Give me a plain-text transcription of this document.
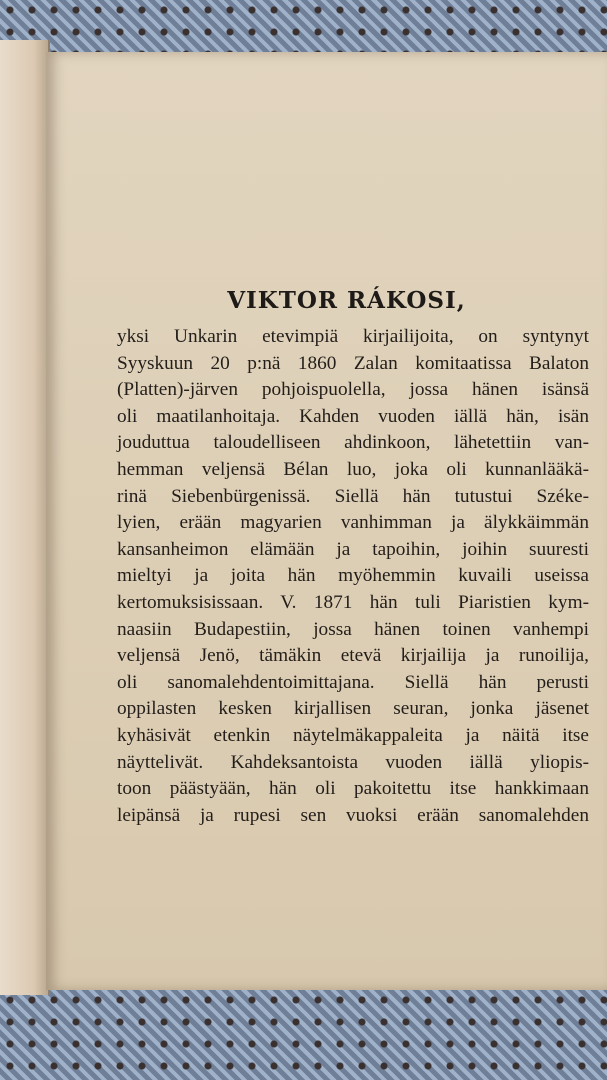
VIKTOR RÁKOSI,
yksi Unkarin etevimpiä kirjailijoita, on syntynyt
Syyskuun 20 p:nä 1860 Zalan komitaatissa Balaton
(Platten)-järven pohjoispuolella, jossa hänen isänsä
oli maatilanhoitaja. Kahden vuoden iällä hän, isän
jouduttua taloudelliseen ahdinkoon, lähetettiin van-
hemman veljensä Bélan luo, joka oli kunnanlääkä-
rinä Siebenbürgenissä. Siellä hän tutustui Széke-
lyien, erään magyarien vanhimman ja älykkäimmän
kansanheimon elämään ja tapoihin, joihin suuresti
mieltyi ja joita hän myöhemmin kuvaili useissa
kertomuksisissaan. V. 1871 hän tuli Piaristien kym-
naasiin Budapestiin, jossa hänen toinen vanhempi
veljensä Jenö, tämäkin etevä kirjailija ja runoilija,
oli sanomalehdentoimittajana. Siellä hän perusti
oppilasten kesken kirjallisen seuran, jonka jäsenet
kyhäsivät etenkin näytelmäkappaleita ja näitä itse
näyttelivät. Kahdeksantoista vuoden iällä yliopis-
toon päästyään, hän oli pakoitettu itse hankkimaan
leipänsä ja rupesi sen vuoksi erään sanomalehden
